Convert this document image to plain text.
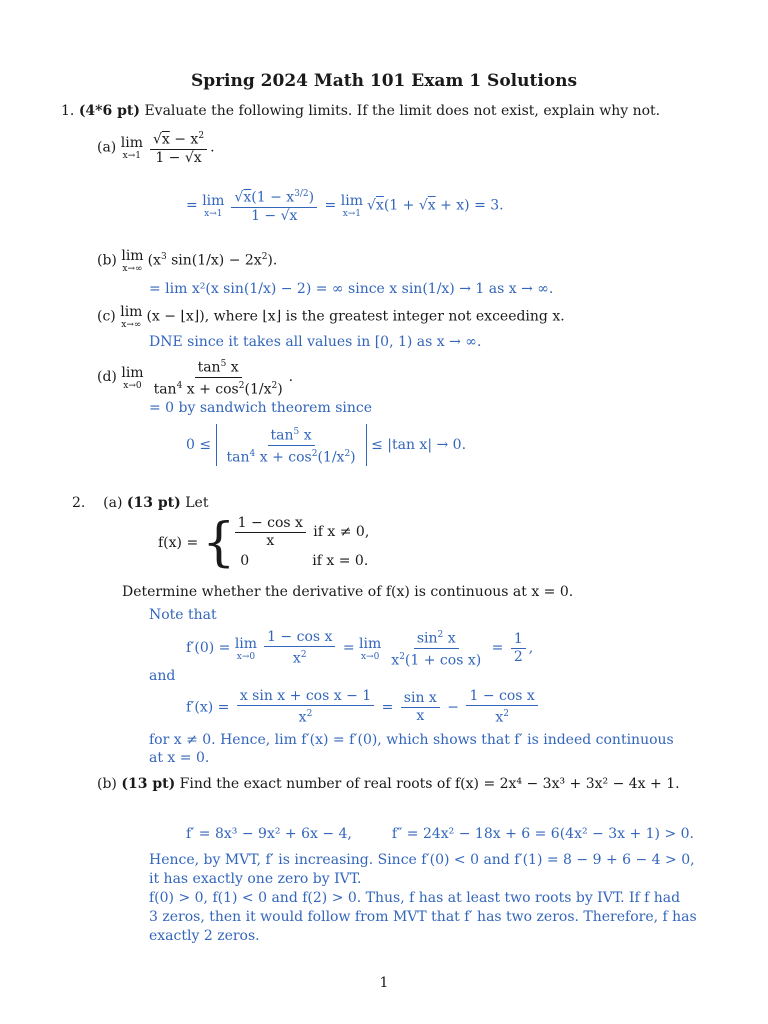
Spring 2024 Math 101 Exam 1 Solutions
1. (4*6 pt) Evaluate the following limits. If the limit does not exist, explain why not.
(a) lim
$x\to 1 \frac{√x - x^2}{1 - √x}$ .
= lim
$x\to 1 \frac{√x(1 - x^{3/2})}{1 - √x} = \lim$
x→1
√x(1 + √x + x) = 3.
(b) lim
x→∞
($x^3$ $\sin(1/x) - 2x^2$).
= lim x²(x sin(1/x) − 2) = ∞ since x sin(1/x) → 1 as x → ∞.
(c) lim
x→∞
(x − ⌊x⌋), where ⌊x⌋ is the greatest integer not exceeding x.
DNE since it takes all values in [0, 1) as x → ∞.
(d) lim
$x\to 0 \frac{\tan^5 x}{\tan^4 x + \cos^2(1/x^2)}$ .
= 0 by sandwich theorem since
$0 \le \frac{\tan^5 x}{\tan^4 x + \cos^2(1/x^2)} \le |\tan$ x| → 0.
2. (a) (13 pt) Let
f(x) = { $\frac{\text{1 − cos x}}{x}$ if x ≠ 0,
0	if x = 0.
Determine whether the derivative of f(x) is continuous at x = 0.
Note that
f′(0) = lim
$x\to 0 \frac{\text{1 − cos x}}{x^2} = \lim$
$x\to 0 \frac{\sin^2 x}{x^2(1 + \cos x)} = \frac{1}{2}$ ,
and
$f'(x) = \frac{\text{x sin x + cos x − 1}}{x^2} = \frac{\text{sin x}}{x} - \frac{\text{1 − cos x}}{x^2}$
for x ≠ 0. Hence, lim f′(x) = f′(0), which shows that f′ is indeed continuous
at x = 0.
(b) (13 pt) Find the exact number of real roots of f(x) = 2x⁴ − 3x³ + 3x² − 4x + 1.
f′ = 8x³ − 9x² + 6x − 4,         f″ = 24x² − 18x + 6 = 6(4x² − 3x + 1) > 0.
Hence, by MVT, f′ is increasing. Since f′(0) < 0 and f′(1) = 8 − 9 + 6 − 4 > 0,
it has exactly one zero by IVT.
f(0) > 0, f(1) < 0 and f(2) > 0. Thus, f has at least two roots by IVT. If f had
3 zeros, then it would follow from MVT that f′ has two zeros. Therefore, f has
exactly 2 zeros.
1
